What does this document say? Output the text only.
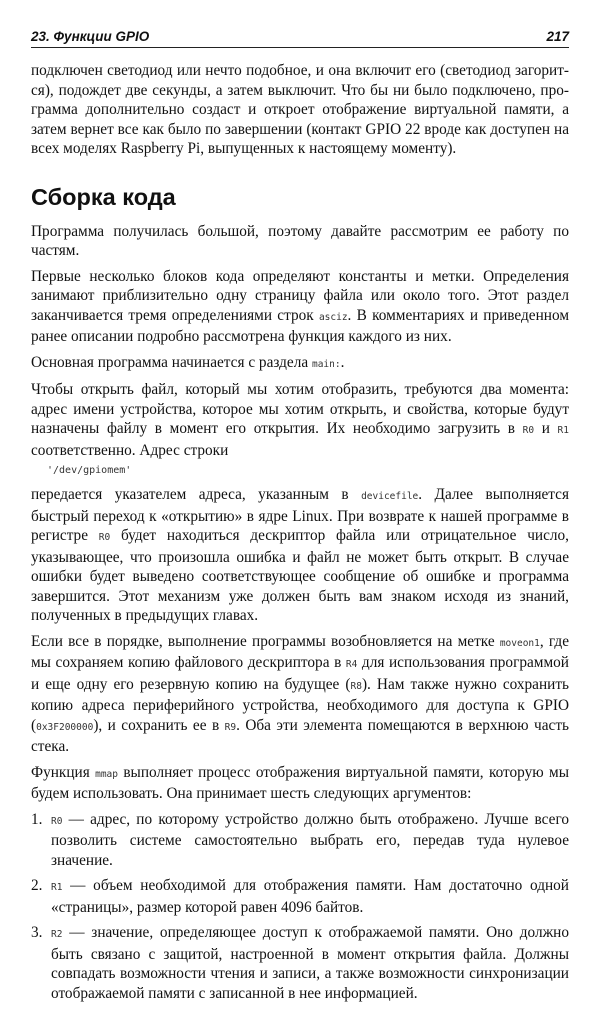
23. Функции GPIO	217

подключен светодиод или нечто подобное, и она включит его (светодиод загорится), подождет две секунды, а затем выключит. Что бы ни было подключено, программа дополнительно создаст и откроет отображение виртуальной памяти, а затем вернет все как было по завершении (контакт GPIO 22 вроде как доступен на всех моделях Raspberry Pi, выпущенных к настоящему моменту).

Сборка кода

Программа получилась большой, поэтому давайте рассмотрим ее работу по частям.

Первые несколько блоков кода определяют константы и метки. Определения занимают приблизительно одну страницу файла или около того. Этот раздел заканчивается тремя определениями строк asciz. В комментариях и приведенном ранее описании подробно рассмотрена функция каждого из них.

Основная программа начинается с раздела main:.

Чтобы открыть файл, который мы хотим отобразить, требуются два момента: адрес имени устройства, которое мы хотим открыть, и свойства, которые будут назначены файлу в момент его открытия. Их необходимо загрузить в R0 и R1 соответственно. Адрес строки

'/dev/gpiomem'

передается указателем адреса, указанным в devicefile. Далее выполняется быстрый переход к «открытию» в ядре Linux. При возврате к нашей программе в регистре R0 будет находиться дескриптор файла или отрицательное число, указывающее, что произошла ошибка и файл не может быть открыт. В случае ошибки будет выведено соответствующее сообщение об ошибке и программа завершится. Этот механизм уже должен быть вам знаком исходя из знаний, полученных в предыдущих главах.

Если все в порядке, выполнение программы возобновляется на метке moveon1, где мы сохраняем копию файлового дескриптора в R4 для использования программой и еще одну его резервную копию на будущее (R8). Нам также нужно сохранить копию адреса периферийного устройства, необходимого для доступа к GPIO (0x3F200000), и сохранить ее в R9. Оба эти элемента помещаются в верхнюю часть стека.

Функция mmap выполняет процесс отображения виртуальной памяти, которую мы будем использовать. Она принимает шесть следующих аргументов:

1. R0 — адрес, по которому устройство должно быть отображено. Лучше всего позволить системе самостоятельно выбрать его, передав туда нулевое значение.
2. R1 — объем необходимой для отображения памяти. Нам достаточно одной «страницы», размер которой равен 4096 байтов.
3. R2 — значение, определяющее доступ к отображаемой памяти. Оно должно быть связано с защитой, настроенной в момент открытия файла. Должны совпадать возможности чтения и записи, а также возможности синхронизации отображаемой памяти с записанной в нее информацией.
